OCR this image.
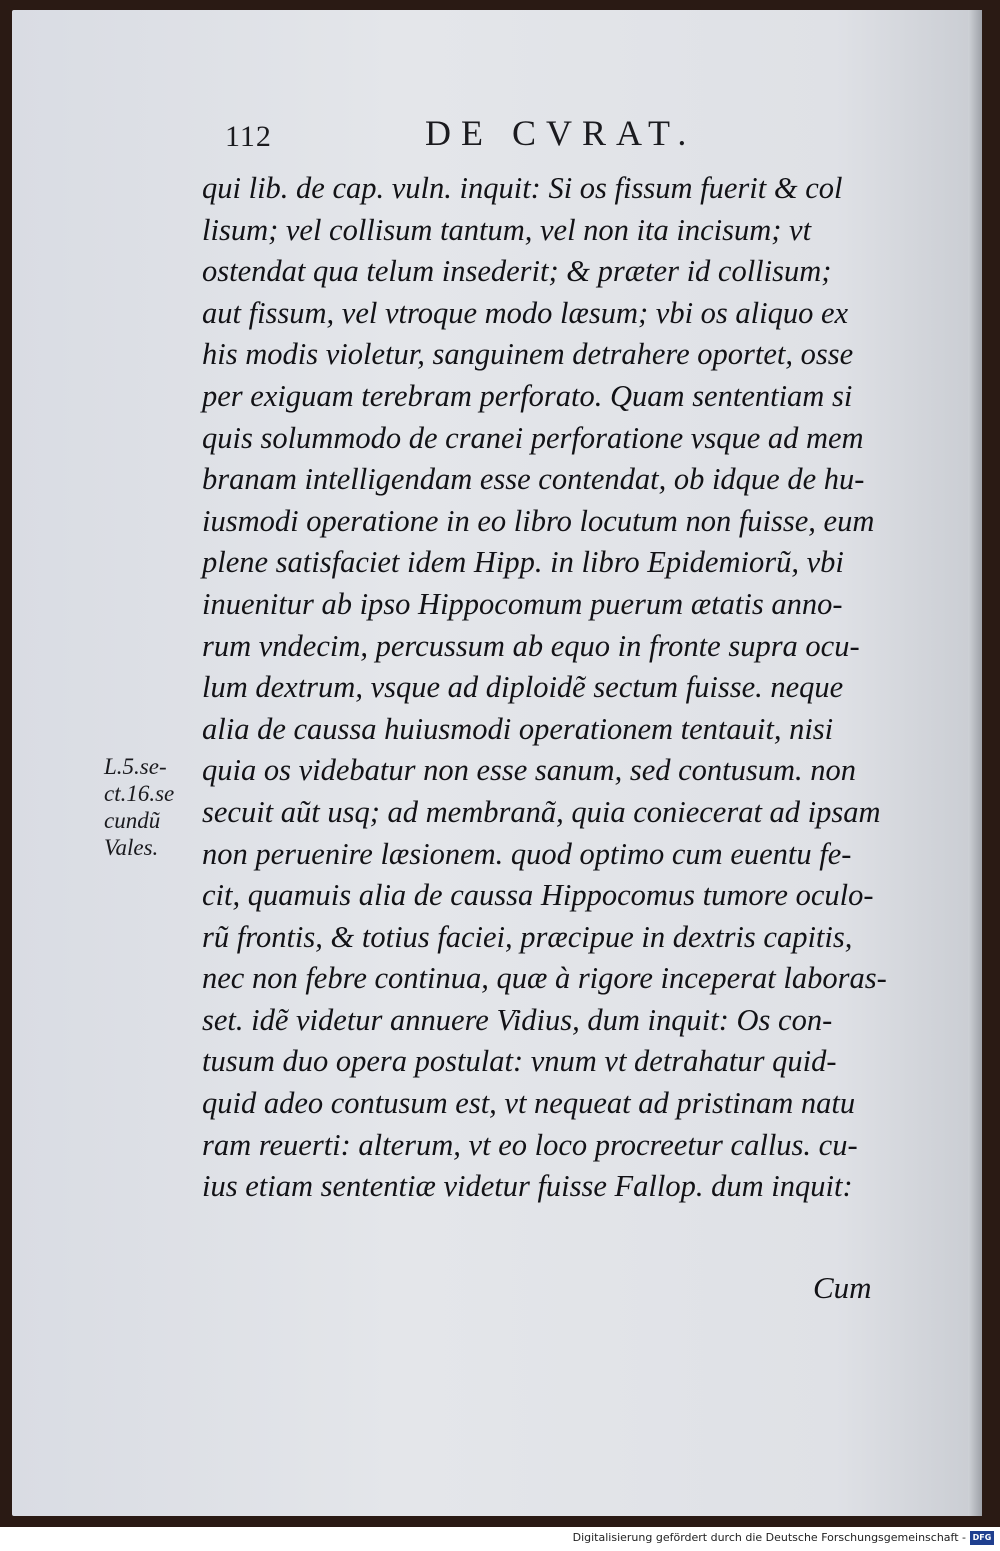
112	DE CVRAT.
qui lib. de cap. vuln. inquit: Si os fissum fuerit & col
lisum; vel collisum tantum, vel non ita incisum; vt
ostendat qua telum insederit; & præter id collisum;
aut fissum, vel vtroque modo læsum; vbi os aliquo ex
his modis violetur, sanguinem detrahere oportet, osse
per exiguam terebram perforato. Quam sententiam si
quis solummodo de cranei perforatione vsque ad mem
branam intelligendam esse contendat, ob idque de hu-
iusmodi operatione in eo libro locutum non fuisse, eum
plene satisfaciet idem Hipp. in libro Epidemiorũ, vbi
inuenitur ab ipso Hippocomum puerum ætatis anno-
rum vndecim, percussum ab equo in fronte supra ocu-
lum dextrum, vsque ad diploidẽ sectum fuisse. neque
alia de caussa huiusmodi operationem tentauit, nisi
quia os videbatur non esse sanum, sed contusum. non
secuit aũt usq; ad membranã, quia coniecerat ad ipsam
non peruenire læsionem. quod optimo cum euentu fe-
cit, quamuis alia de caussa Hippocomus tumore oculo-
rũ frontis, & totius faciei, præcipue in dextris capitis,
nec non febre continua, quæ à rigore inceperat laboras-
set. idẽ videtur annuere Vidius, dum inquit: Os con-
tusum duo opera postulat: vnum vt detrahatur quid-
quid adeo contusum est, vt nequeat ad pristinam natu
ram reuerti: alterum, vt eo loco procreetur callus. cu-
ius etiam sententiæ videtur fuisse Fallop. dum inquit:
Cum
L.5.se-
ct.16.se
cundũ
Vales.
Digitalisierung gefördert durch die Deutsche Forschungsgemeinschaft - DFG
